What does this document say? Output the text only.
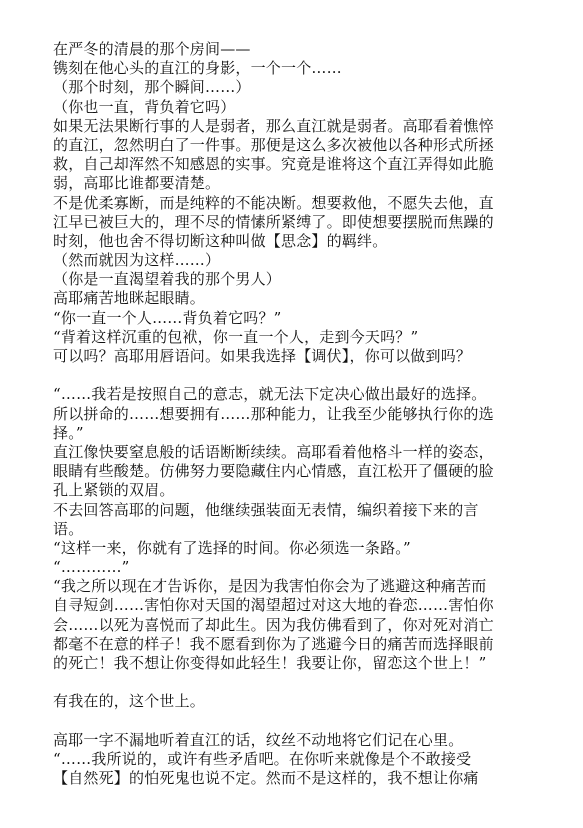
在严冬的清晨的那个房间——
镌刻在他心头的直江的身影，一个一个……
（那个时刻，那个瞬间……）
（你也一直，背负着它吗）
如果无法果断行事的人是弱者，那么直江就是弱者。高耶看着憔悴
的直江，忽然明白了一件事。那便是这么多次被他以各种形式所拯
救，自己却浑然不知感恩的实事。究竟是谁将这个直江弄得如此脆
弱，高耶比谁都要清楚。
不是优柔寡断，而是纯粹的不能决断。想要救他，不愿失去他，直
江早已被巨大的，理不尽的情愫所紧缚了。即使想要摆脱而焦躁的
时刻，他也舍不得切断这种叫做【思念】的羁绊。
（然而就因为这样……）
（你是一直渴望着我的那个男人）
高耶痛苦地眯起眼睛。
“你一直一个人……背负着它吗？”
“背着这样沉重的包袱，你一直一个人，走到今天吗？”
可以吗？高耶用唇语问。如果我选择【调伏】，你可以做到吗？
“……我若是按照自己的意志，就无法下定决心做出最好的选择。
所以拼命的……想要拥有……那种能力，让我至少能够执行你的选
择。”
直江像快要窒息般的话语断断续续。高耶看着他格斗一样的姿态，
眼睛有些酸楚。仿佛努力要隐藏住内心情感，直江松开了僵硬的脸
孔上紧锁的双眉。
不去回答高耶的问题，他继续强装面无表情，编织着接下来的言
语。
“这样一来，你就有了选择的时间。你必须选一条路。”
“…………”
“我之所以现在才告诉你，是因为我害怕你会为了逃避这种痛苦而
自寻短剑……害怕你对天国的渴望超过对这大地的眷恋……害怕你
会……以死为喜悦而了却此生。因为我仿佛看到了，你对死对消亡
都毫不在意的样子！我不愿看到你为了逃避今日的痛苦而选择眼前
的死亡！我不想让你变得如此轻生！我要让你，留恋这个世上！”
有我在的，这个世上。
高耶一字不漏地听着直江的话，纹丝不动地将它们记在心里。
“……我所说的，或许有些矛盾吧。在你听来就像是个不敢接受
【自然死】的怕死鬼也说不定。然而不是这样的，我不想让你痛
